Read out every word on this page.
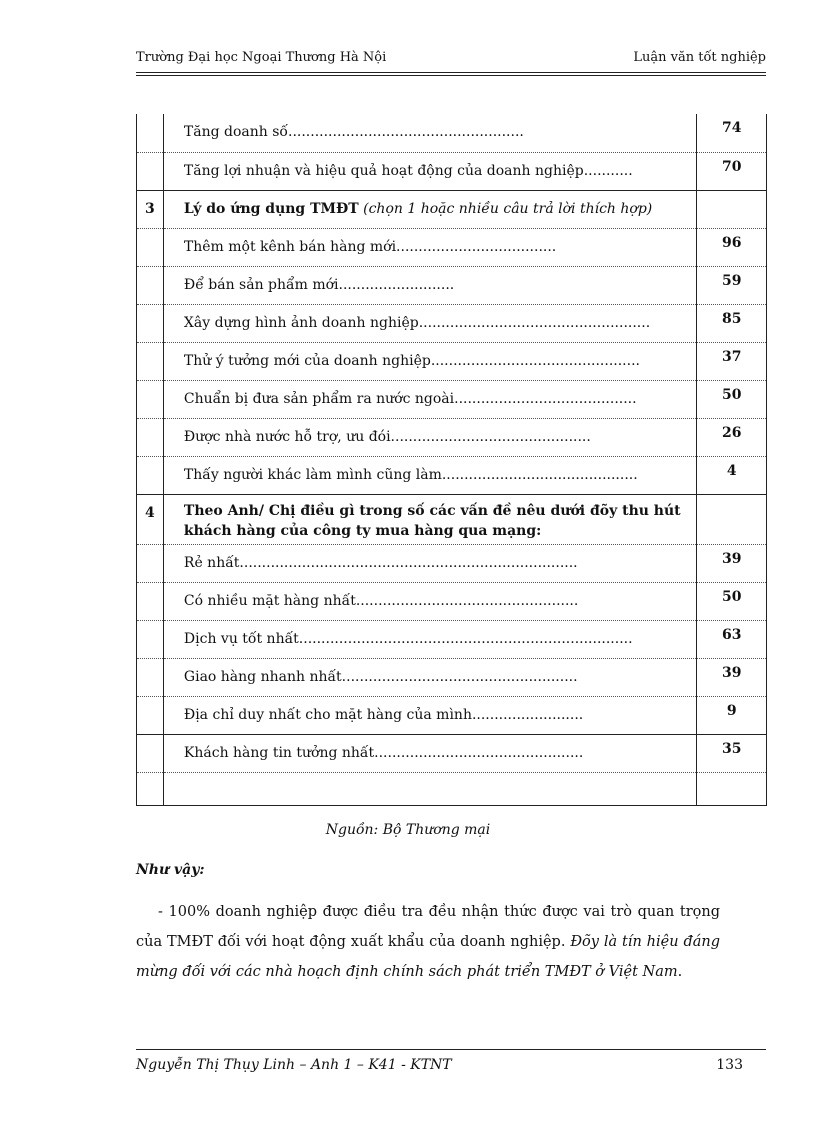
Trường Đại học Ngoại Thương Hà Nội	Luận văn tốt nghiệp
	Tăng doanh số.....................................................	74
	Tăng lợi nhuận và hiệu quả hoạt động của doanh nghiệp...........	70
3	Lý do ứng dụng TMĐT (chọn 1 hoặc nhiều câu trả lời thích hợp)	
	Thêm một kênh bán hàng mới....................................	96
	Để bán sản phẩm mới..........................	59
	Xây dựng hình ảnh doanh nghiệp....................................................	85
	Thử ý tưởng mới của doanh nghiệp...............................................	37
	Chuẩn bị đưa sản phẩm ra nước ngoài.........................................	50
	Được nhà nước hỗ trợ, ưu đói.............................................	26
	Thấy người khác làm mình cũng làm............................................	4
4	Theo Anh/ Chị điều gì trong số các vấn đề nêu dưới đõy thu hút khách hàng của công ty mua hàng qua mạng:	
	Rẻ nhất............................................................................	39
	Có nhiều mặt hàng nhất..................................................	50
	Dịch vụ tốt nhất...........................................................................	63
	Giao hàng nhanh nhất.....................................................	39
	Địa chỉ duy nhất cho mặt hàng của mình.........................	9
	Khách hàng tin tưởng nhất...............................................	35

Nguồn: Bộ Thương mại
Như vậy:
- 100% doanh nghiệp được điều tra đều nhận thức được vai trò quan trọng của TMĐT đối với hoạt động xuất khẩu của doanh nghiệp. Đõy là tín hiệu đáng mừng đối với các nhà hoạch định chính sách phát triển TMĐT ở Việt Nam.
Nguyễn Thị Thụy Linh – Anh 1 – K41 - KTNT	133
